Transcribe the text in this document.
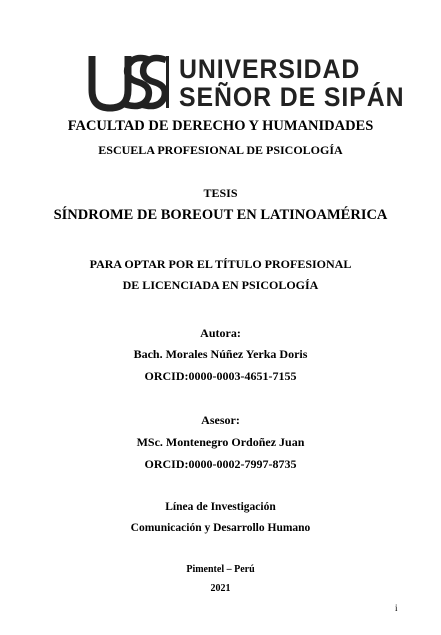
UNIVERSIDAD
SEÑOR DE SIPÁN
FACULTAD DE DERECHO Y HUMANIDADES
ESCUELA PROFESIONAL DE PSICOLOGÍA
TESIS
SÍNDROME DE BOREOUT EN LATINOAMÉRICA
PARA OPTAR POR EL TÍTULO PROFESIONAL
DE LICENCIADA EN PSICOLOGÍA
Autora:
Bach. Morales Núñez Yerka Doris
ORCID:0000-0003-4651-7155
Asesor:
MSc. Montenegro Ordoñez Juan
ORCID:0000-0002-7997-8735
Línea de Investigación
Comunicación y Desarrollo Humano
Pimentel – Perú
2021
i
